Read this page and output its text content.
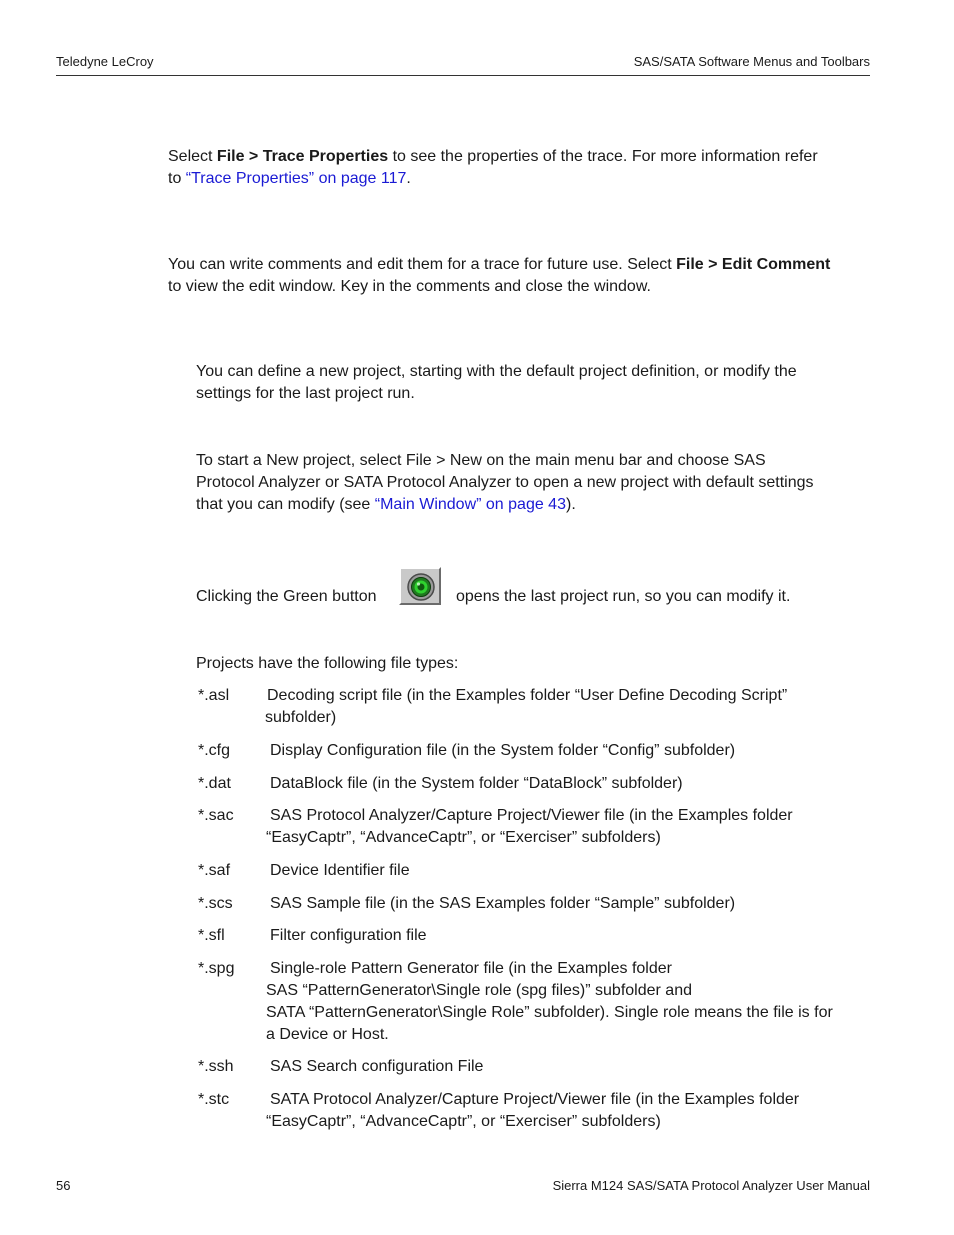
Teledyne LeCroy	SAS/SATA Software Menus and Toolbars
Select File > Trace Properties to see the properties of the trace. For more information refer
to “Trace Properties” on page 117.
You can write comments and edit them for a trace for future use. Select File > Edit Comment
to view the edit window. Key in the comments and close the window.
You can define a new project, starting with the default project definition, or modify the
settings for the last project run.
To start a New project, select File > New on the main menu bar and choose SAS
Protocol Analyzer or SATA Protocol Analyzer to open a new project with default settings
that you can modify (see “Main Window” on page 43).
Clicking the Green button	opens the last project run, so you can modify it.
Projects have the following file types:
*.asl Decoding script file (in the Examples folder “User Define Decoding Script”
subfolder)
*.cfg Display Configuration file (in the System folder “Config” subfolder)
*.dat DataBlock file (in the System folder “DataBlock” subfolder)
*.sac SAS Protocol Analyzer/Capture Project/Viewer file (in the Examples folder
“EasyCaptr”, “AdvanceCaptr”, or “Exerciser” subfolders)
*.saf Device Identifier file
*.scs SAS Sample file (in the SAS Examples folder “Sample” subfolder)
*.sfl	Filter configuration file
*.spg Single-role Pattern Generator file (in the Examples folder
SAS “PatternGenerator\Single role (spg files)” subfolder and
SATA “PatternGenerator\Single Role” subfolder). Single role means the file is for
a Device or Host.
*.ssh SAS Search configuration File
*.stc	SATA Protocol Analyzer/Capture Project/Viewer file (in the Examples folder
“EasyCaptr”, “AdvanceCaptr”, or “Exerciser” subfolders)
56	Sierra M124 SAS/SATA Protocol Analyzer User Manual
